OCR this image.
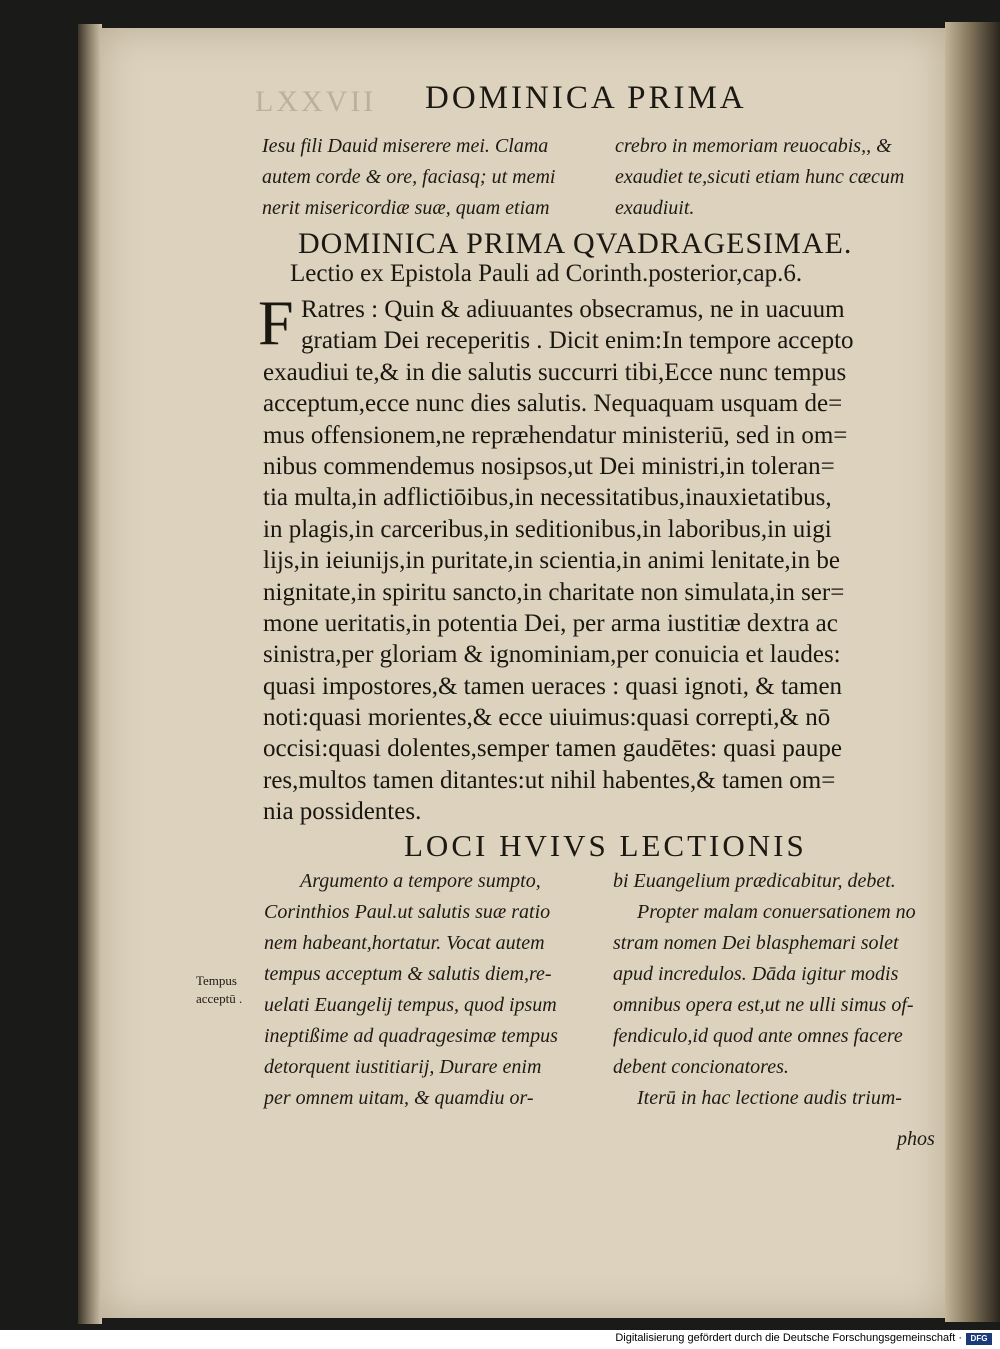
LXXVII DOMINICA PRIMA
Iesu fili Dauid miserere mei. Clama
autem corde & ore, faciasq; ut memi
nerit misericordiæ suæ, quam etiam
crebro in memoriam reuocabis,, &
exaudiet te,sicuti etiam hunc cæcum
exaudiuit.
DOMINICA PRIMA QVADRAGESIMAE.
Lectio ex Epistola Pauli ad Corinth.posterior,cap.6.
F Ratres : Quin & adiuuantes obsecramus, ne in uacuum
gratiam Dei receperitis . Dicit enim:In tempore accepto
exaudiui te,& in die salutis succurri tibi,Ecce nunc tempus
acceptum,ecce nunc dies salutis. Nequaquam usquam de=
mus offensionem,ne repræhendatur ministeriū, sed in om=
nibus commendemus nosipsos,ut Dei ministri,in toleran=
tia multa,in adflictiōibus,in necessitatibus,inauxietatibus,
in plagis,in carceribus,in seditionibus,in laboribus,in uigi
lijs,in ieiunijs,in puritate,in scientia,in animi lenitate,in be
nignitate,in spiritu sancto,in charitate non simulata,in ser=
mone ueritatis,in potentia Dei, per arma iustitiæ dextra ac
sinistra,per gloriam & ignominiam,per conuicia et laudes:
quasi impostores,& tamen ueraces : quasi ignoti, & tamen
noti:quasi morientes,& ecce uiuimus:quasi correpti,& nō
occisi:quasi dolentes,semper tamen gaudētes: quasi paupe
res,multos tamen ditantes:ut nihil habentes,& tamen om=
nia possidentes.
LOCI HVIVS LECTIONIS
Argumento a tempore sumpto,
Corinthios Paul.ut salutis suæ ratio
nem habeant,hortatur. Vocat autem
tempus acceptum & salutis diem,re-
uelati Euangelij tempus, quod ipsum
ineptißime ad quadragesimæ tempus
detorquent iustitiarij, Durare enim
per omnem uitam, & quamdiu or-
bi Euangelium prædicabitur, debet.
Propter malam conuersationem no
stram nomen Dei blasphemari solet
apud incredulos. Dāda igitur modis
omnibus opera est,ut ne ulli simus of-
fendiculo,id quod ante omnes facere
debent concionatores.
Iterū in hac lectione audis trium-
Tempus
acceptū .
phos
Digitalisierung gefördert durch die Deutsche Forschungsgemeinschaft ·	DFG
